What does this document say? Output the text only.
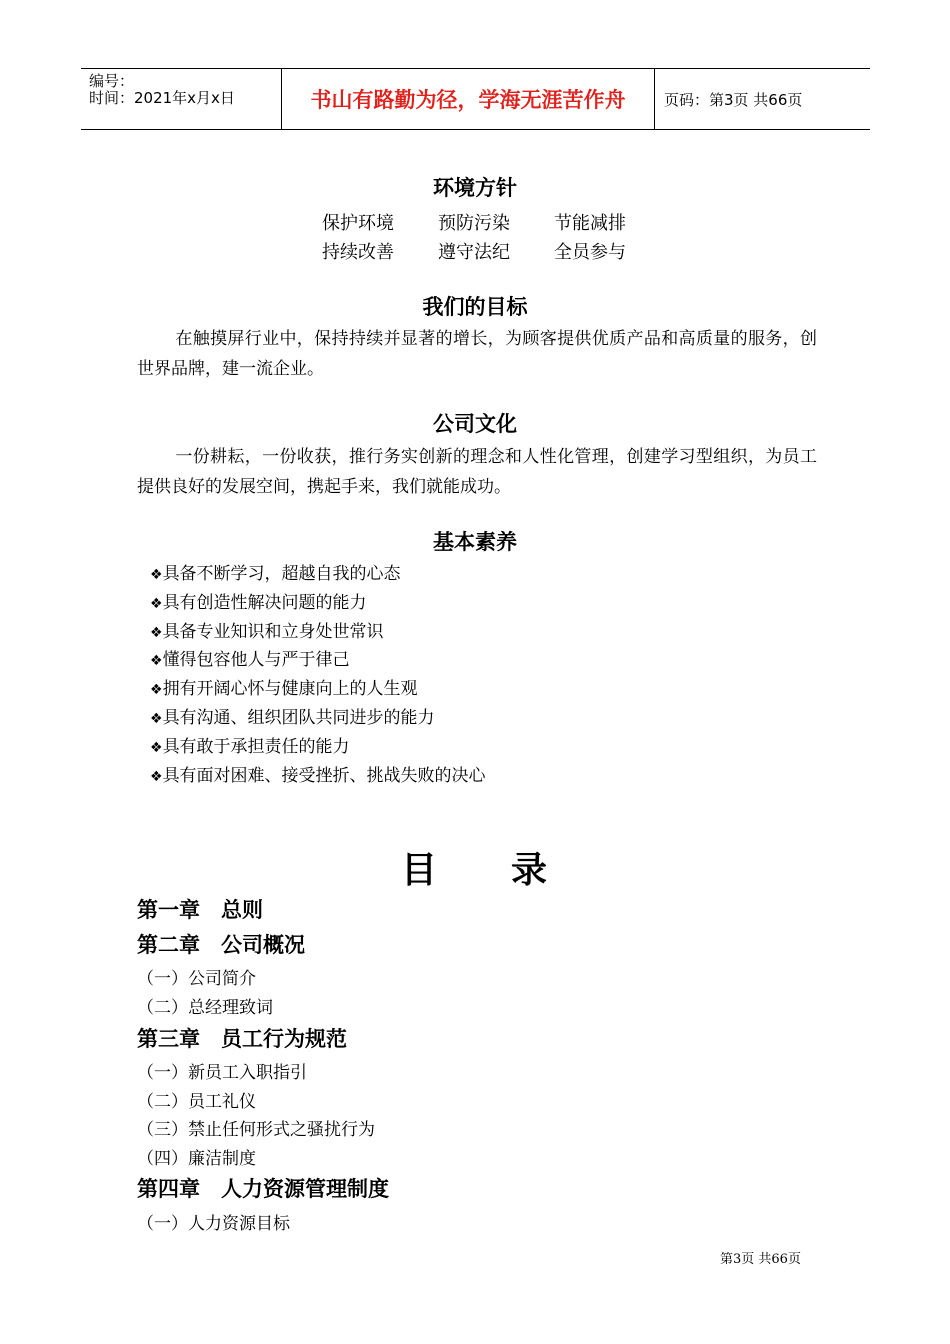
编号：
时间：2021年x月x日	书山有路勤为径，学海无涯苦作舟	页码：第3页 共66页
环境方针
保护环境	预防污染	节能减排
持续改善	遵守法纪	全员参与
我们的目标
在触摸屏行业中，保持持续并显著的增长，为顾客提供优质产品和高质量的服务，创世界品牌，建一流企业。
公司文化
一份耕耘，一份收获，推行务实创新的理念和人性化管理，创建学习型组织，为员工提供良好的发展空间，携起手来，我们就能成功。
基本素养
❖具备不断学习，超越自我的心态
❖具有创造性解决问题的能力
❖具备专业知识和立身处世常识
❖懂得包容他人与严于律己
❖拥有开阔心怀与健康向上的人生观
❖具有沟通、组织团队共同进步的能力
❖具有敢于承担责任的能力
❖具有面对困难、接受挫折、挑战失败的决心
目 录
第一章　总则
第二章　公司概况
（一）公司简介
（二）总经理致词
第三章　员工行为规范
（一）新员工入职指引
（二）员工礼仪
（三）禁止任何形式之骚扰行为
（四）廉洁制度
第四章　人力资源管理制度
（一）人力资源目标
第3页 共66页
